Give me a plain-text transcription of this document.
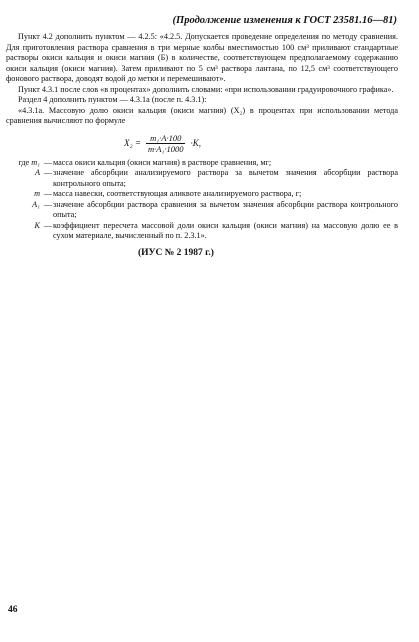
(Продолжение изменения к ГОСТ 23581.16—81)

Пункт 4.2 дополнить пунктом — 4.2.5: «4.2.5. Допускается проведение определения по методу сравнения. Для приготовления раствора сравнения в три мерные колбы вместимостью 100 см³ приливают стандартные растворы окиси кальция и окиси магния (Б) в количестве, соответствующем предполагаемому содержанию окиси кальция (окиси магния). Затем приливают по 5 см³ раствора лантана, по 12,5 см³ соответствующего фонового раствора, доводят водой до метки и перемешивают».

Пункт 4.3.1 после слов «в процентах» дополнить словами: «при использовании градуировочного графика».

Раздел 4 дополнить пунктом — 4.3.1а (после п. 4.3.1):

«4.3.1а. Массовую долю окиси кальция (окиси магния) (X₂) в процентах при использовании метода сравнения вычисляют по формуле

$X_2 = \frac{\text{m₁·A·100}}{\text{m·A₁·1000}} \cdot K$,
где m₁	—	масса окиси кальция (окиси магния) в растворе сравнения, мг;
A	—	значение абсорбции анализируемого раствора за вычетом значения абсорбции раствора контрольного опыта;
m	—	масса навески, соответствующая аликвоте анализируемого раствора, г;
A₁	—	значение абсорбции раствора сравнения за вычетом значения абсорбции раствора контрольного опыта;
K	—	коэффициент пересчета массовой доли окиси кальция (окиси магния) на массовую долю ее в сухом материале, вычисленный по п. 2.3.1».
(ИУС № 2 1987 г.)
46
